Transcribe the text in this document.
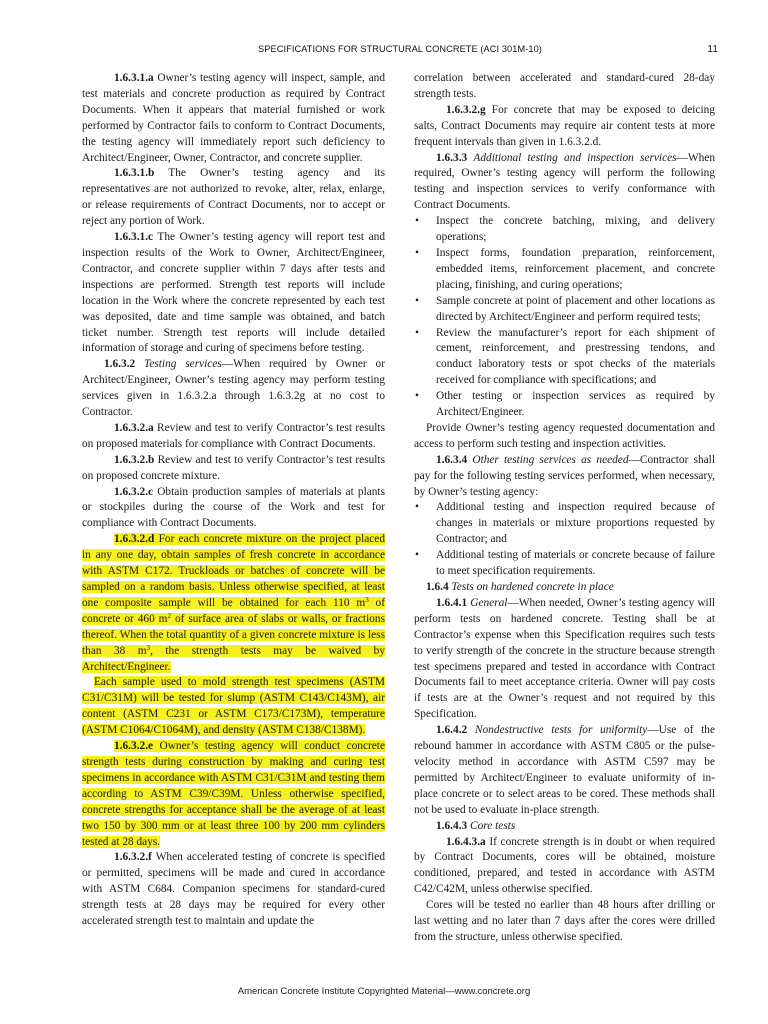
SPECIFICATIONS FOR STRUCTURAL CONCRETE (ACI 301M-10)	11

1.6.3.1.a Owner’s testing agency will inspect, sample, and test materials and concrete production as required by Contract Documents. When it appears that material furnished or work performed by Contractor fails to conform to Contract Documents, the testing agency will immediately report such deficiency to Architect/Engineer, Owner, Contractor, and concrete supplier.

1.6.3.1.b The Owner’s testing agency and its representatives are not authorized to revoke, alter, relax, enlarge, or release requirements of Contract Documents, nor to accept or reject any portion of Work.

1.6.3.1.c The Owner’s testing agency will report test and inspection results of the Work to Owner, Architect/Engineer, Contractor, and concrete supplier within 7 days after tests and inspections are performed. Strength test reports will include location in the Work where the concrete represented by each test was deposited, date and time sample was obtained, and batch ticket number. Strength test reports will include detailed information of storage and curing of specimens before testing.

1.6.3.2 Testing services—When required by Owner or Architect/Engineer, Owner’s testing agency may perform testing services given in 1.6.3.2.a through 1.6.3.2g at no cost to Contractor.

1.6.3.2.a Review and test to verify Contractor’s test results on proposed materials for compliance with Contract Documents.

1.6.3.2.b Review and test to verify Contractor’s test results on proposed concrete mixture.

1.6.3.2.c Obtain production samples of materials at plants or stockpiles during the course of the Work and test for compliance with Contract Documents.

1.6.3.2.d For each concrete mixture on the project placed in any one day, obtain samples of fresh concrete in accordance with ASTM C172. Truckloads or batches of concrete will be sampled on a random basis. Unless otherwise specified, at least one composite sample will be obtained for each 110 $m^3$ of concrete or 460 $m^2$ of surface area of slabs or walls, or fractions thereof. When the total quantity of a given concrete mixture is less than 38 $m^3$, the strength tests may be waived by Architect/Engineer.

Each sample used to mold strength test specimens (ASTM C31/C31M) will be tested for slump (ASTM C143/C143M), air content (ASTM C231 or ASTM C173/C173M), temperature (ASTM C1064/C1064M), and density (ASTM C138/C138M).

1.6.3.2.e Owner’s testing agency will conduct concrete strength tests during construction by making and curing test specimens in accordance with ASTM C31/C31M and testing them according to ASTM C39/C39M. Unless otherwise specified, concrete strengths for acceptance shall be the average of at least two 150 by 300 mm or at least three 100 by 200 mm cylinders tested at 28 days.

1.6.3.2.f When accelerated testing of concrete is specified or permitted, specimens will be made and cured in accordance with ASTM C684. Companion specimens for standard-cured strength tests at 28 days may be required for every other accelerated strength test to maintain and update the

correlation between accelerated and standard-cured 28-day strength tests.

1.6.3.2.g For concrete that may be exposed to deicing salts, Contract Documents may require air content tests at more frequent intervals than given in 1.6.3.2.d.

1.6.3.3 Additional testing and inspection services—When required, Owner’s testing agency will perform the following testing and inspection services to verify conformance with Contract Documents.

• Inspect the concrete batching, mixing, and delivery operations;
• Inspect forms, foundation preparation, reinforcement, embedded items, reinforcement placement, and concrete placing, finishing, and curing operations;
• Sample concrete at point of placement and other locations as directed by Architect/Engineer and perform required tests;
• Review the manufacturer’s report for each shipment of cement, reinforcement, and prestressing tendons, and conduct laboratory tests or spot checks of the materials received for compliance with specifications; and
• Other testing or inspection services as required by Architect/Engineer.

Provide Owner’s testing agency requested documentation and access to perform such testing and inspection activities.

1.6.3.4 Other testing services as needed—Contractor shall pay for the following testing services performed, when necessary, by Owner’s testing agency:

• Additional testing and inspection required because of changes in materials or mixture proportions requested by Contractor; and
• Additional testing of materials or concrete because of failure to meet specification requirements.

1.6.4 Tests on hardened concrete in place

1.6.4.1 General—When needed, Owner’s testing agency will perform tests on hardened concrete. Testing shall be at Contractor’s expense when this Specification requires such tests to verify strength of the concrete in the structure because strength test specimens prepared and tested in accordance with Contract Documents fail to meet acceptance criteria. Owner will pay costs if tests are at the Owner’s request and not required by this Specification.

1.6.4.2 Nondestructive tests for uniformity—Use of the rebound hammer in accordance with ASTM C805 or the pulse-velocity method in accordance with ASTM C597 may be permitted by Architect/Engineer to evaluate uniformity of in-place concrete or to select areas to be cored. These methods shall not be used to evaluate in-place strength.

1.6.4.3 Core tests

1.6.4.3.a If concrete strength is in doubt or when required by Contract Documents, cores will be obtained, moisture conditioned, prepared, and tested in accordance with ASTM C42/C42M, unless otherwise specified.

Cores will be tested no earlier than 48 hours after drilling or last wetting and no later than 7 days after the cores were drilled from the structure, unless otherwise specified.

American Concrete Institute Copyrighted Material—www.concrete.org
